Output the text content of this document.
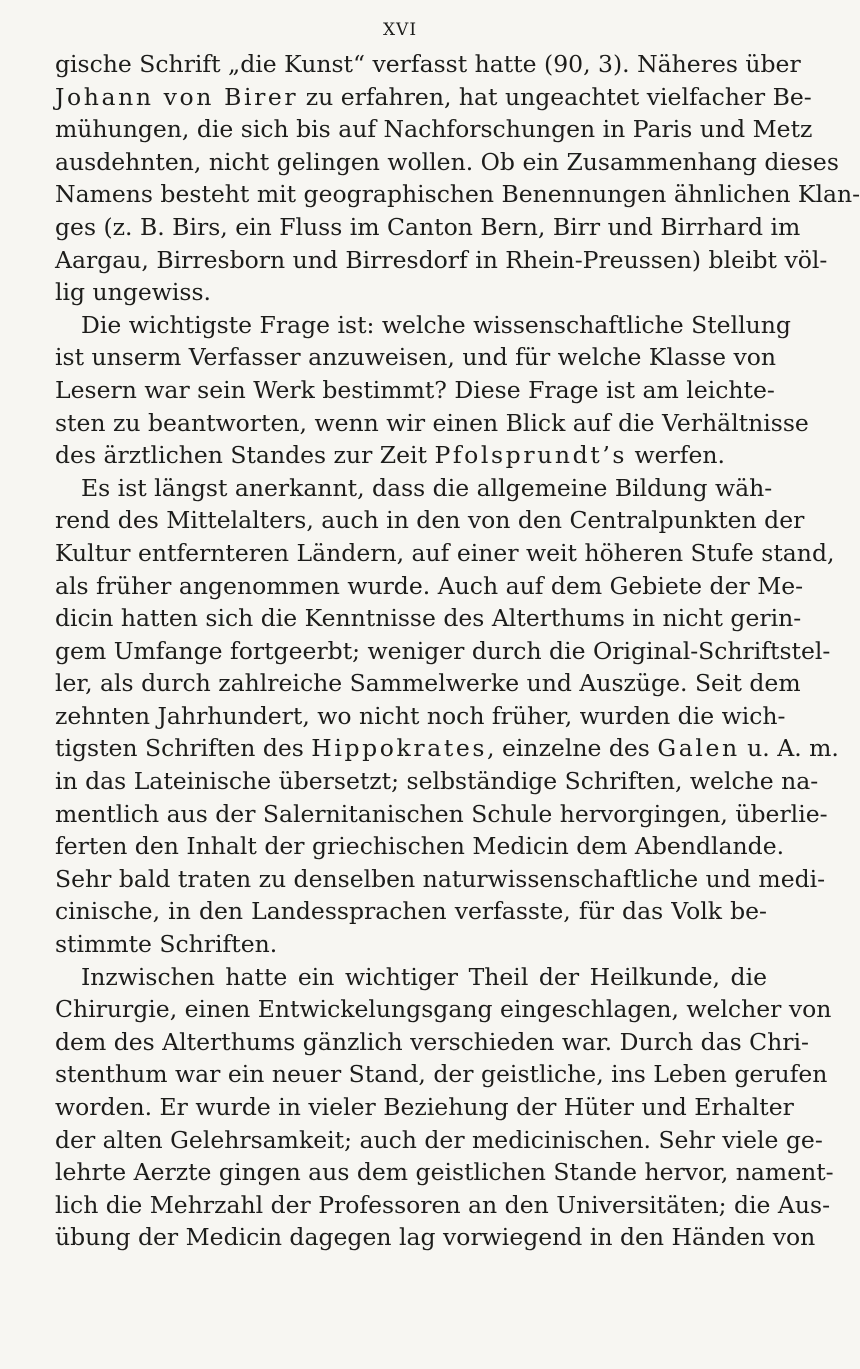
XVI
gische Schrift „die Kunst“ verfasst hatte (90, 3). Näheres über
Johann von Birer zu erfahren, hat ungeachtet vielfacher Be-
mühungen, die sich bis auf Nachforschungen in Paris und Metz
ausdehnten, nicht gelingen wollen. Ob ein Zusammenhang dieses
Namens besteht mit geographischen Benennungen ähnlichen Klan-
ges (z. B. Birs, ein Fluss im Canton Bern, Birr und Birrhard im
Aargau, Birresborn und Birresdorf in Rhein-Preussen) bleibt völ-
lig ungewiss.
Die wichtigste Frage ist: welche wissenschaftliche Stellung
ist unserm Verfasser anzuweisen, und für welche Klasse von
Lesern war sein Werk bestimmt? Diese Frage ist am leichte-
sten zu beantworten, wenn wir einen Blick auf die Verhältnisse
des ärztlichen Standes zur Zeit Pfolsprundt’s werfen.
Es ist längst anerkannt, dass die allgemeine Bildung wäh-
rend des Mittelalters, auch in den von den Centralpunkten der
Kultur entfernteren Ländern, auf einer weit höheren Stufe stand,
als früher angenommen wurde. Auch auf dem Gebiete der Me-
dicin hatten sich die Kenntnisse des Alterthums in nicht gerin-
gem Umfange fortgeerbt; weniger durch die Original-Schriftstel-
ler, als durch zahlreiche Sammelwerke und Auszüge. Seit dem
zehnten Jahrhundert, wo nicht noch früher, wurden die wich-
tigsten Schriften des Hippokrates, einzelne des Galen u. A. m.
in das Lateinische übersetzt; selbständige Schriften, welche na-
mentlich aus der Salernitanischen Schule hervorgingen, überlie-
ferten den Inhalt der griechischen Medicin dem Abendlande.
Sehr bald traten zu denselben naturwissenschaftliche und medi-
cinische, in den Landessprachen verfasste, für das Volk be-
stimmte Schriften.
Inzwischen hatte ein wichtiger Theil der Heilkunde, die
Chirurgie, einen Entwickelungsgang eingeschlagen, welcher von
dem des Alterthums gänzlich verschieden war. Durch das Chri-
stenthum war ein neuer Stand, der geistliche, ins Leben gerufen
worden. Er wurde in vieler Beziehung der Hüter und Erhalter
der alten Gelehrsamkeit; auch der medicinischen. Sehr viele ge-
lehrte Aerzte gingen aus dem geistlichen Stande hervor, nament-
lich die Mehrzahl der Professoren an den Universitäten; die Aus-
übung der Medicin dagegen lag vorwiegend in den Händen von
